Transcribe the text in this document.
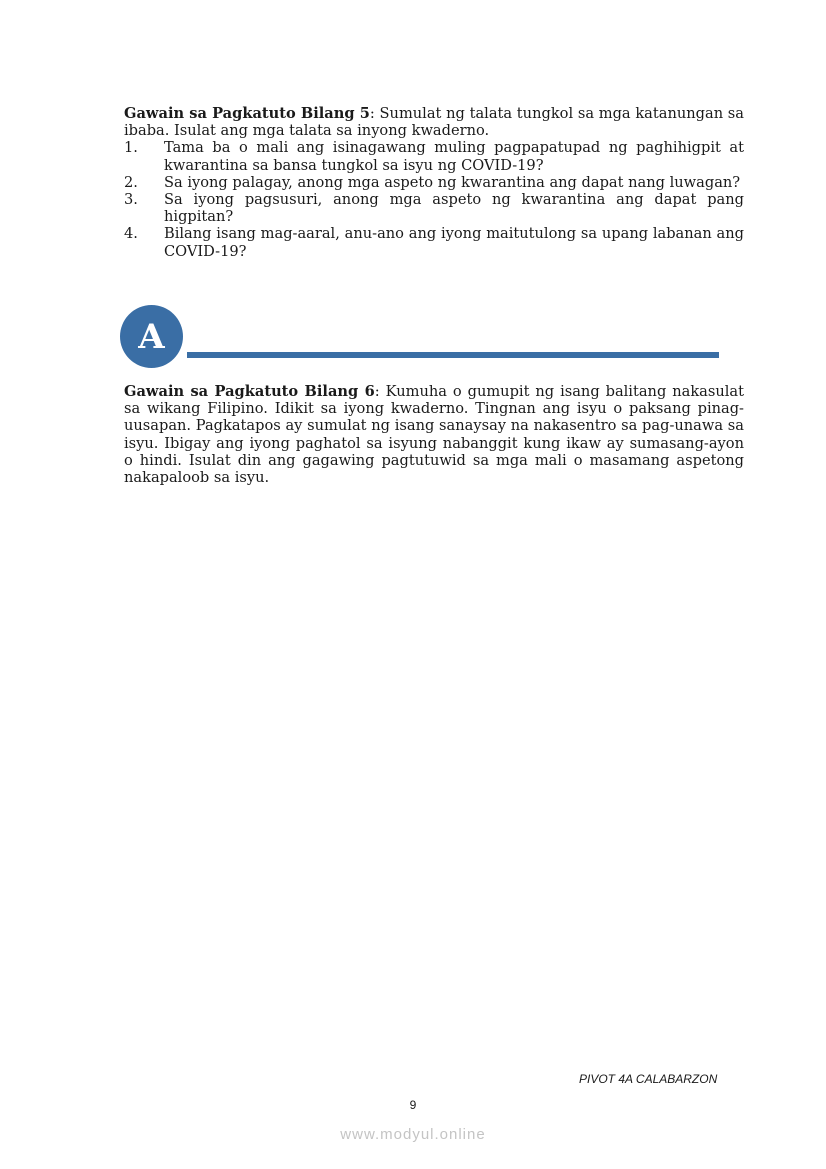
Gawain sa Pagkatuto Bilang 5: Sumulat ng talata tungkol sa mga katanungan sa ibaba. Isulat ang mga talata sa inyong kwaderno.

1. Tama ba o mali ang isinagawang muling pagpapatupad ng paghihigpit at kwarantina sa bansa tungkol sa isyu ng COVID-19?
2. Sa iyong palagay, anong mga aspeto ng kwarantina ang dapat nang luwagan?
3. Sa iyong pagsusuri, anong mga aspeto ng kwarantina ang dapat pang higpitan?
4. Bilang isang mag-aaral, anu-ano ang iyong maitutulong sa upang labanan ang COVID-19?
A

Gawain sa Pagkatuto Bilang 6: Kumuha o gumupit ng isang balitang nakasulat sa wikang Filipino. Idikit sa iyong kwaderno. Tingnan ang isyu o paksang pinag-uusapan. Pagkatapos ay sumulat ng isang sanaysay na nakasentro sa pag-unawa sa isyu. Ibigay ang iyong paghatol sa isyung nabanggit kung ikaw ay sumasang-ayon o hindi. Isulat din ang gagawing pagtutuwid sa mga mali o masamang aspetong nakapaloob sa isyu.

PIVOT 4A CALABARZON
9
www.modyul.online
